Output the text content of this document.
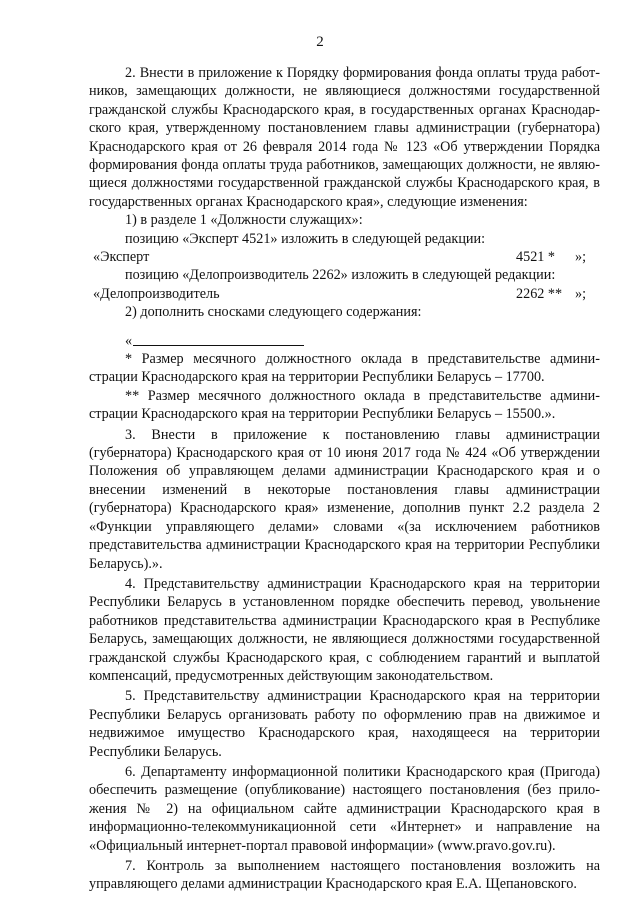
2

2. Внести в приложение к Порядку формирования фонда оплаты труда работников, замещающих должности, не являющиеся должностями государственной гражданской службы Краснодарского края, в государственных органах Краснодарского края, утвержденному постановлением главы администрации (губернатора) Краснодарского края от 26 февраля 2014 года № 123 «Об утверждении Порядка формирования фонда оплаты труда работников, замещающих должности, не являющиеся должностями государственной гражданской службы Краснодарского края, в государственных органах Краснодарского края», следующие изменения:

1) в разделе 1 «Должности служащих»:

позицию «Эксперт 4521» изложить в следующей редакции:

«Эксперт	4521 * »;

позицию «Делопроизводитель 2262» изложить в следующей редакции:

«Делопроизводитель	2262 ** »;

2) дополнить сносками следующего содержания:

«

* Размер месячного должностного оклада в представительстве администрации Краснодарского края на территории Республики Беларусь – 17700.

** Размер месячного должностного оклада в представительстве администрации Краснодарского края на территории Республики Беларусь – 15500.».

3. Внести в приложение к постановлению главы администрации (губернатора) Краснодарского края от 10 июня 2017 года № 424 «Об утверждении Положения об управляющем делами администрации Краснодарского края и о внесении изменений в некоторые постановления главы администрации (губернатора) Краснодарского края» изменение, дополнив пункт 2.2 раздела 2 «Функции управляющего делами» словами «(за исключением работников представительства администрации Краснодарского края на территории Республики Беларусь).».

4. Представительству администрации Краснодарского края на территории Республики Беларусь в установленном порядке обеспечить перевод, увольнение работников представительства администрации Краснодарского края в Республике Беларусь, замещающих должности, не являющиеся должностями государственной гражданской службы Краснодарского края, с соблюдением гарантий и выплатой компенсаций, предусмотренных действующим законодательством.

5. Представительству администрации Краснодарского края на территории Республики Беларусь организовать работу по оформлению прав на движимое и недвижимое имущество Краснодарского края, находящееся на территории Республики Беларусь.

6. Департаменту информационной политики Краснодарского края (Пригода) обеспечить размещение (опубликование) настоящего постановления (без приложения № 2) на официальном сайте администрации Краснодарского края в информационно-телекоммуникационной сети «Интернет» и направление на «Официальный интернет-портал правовой информации» (www.pravo.gov.ru).

7. Контроль за выполнением настоящего постановления возложить на управляющего делами администрации Краснодарского края Е.А. Щепановского.
